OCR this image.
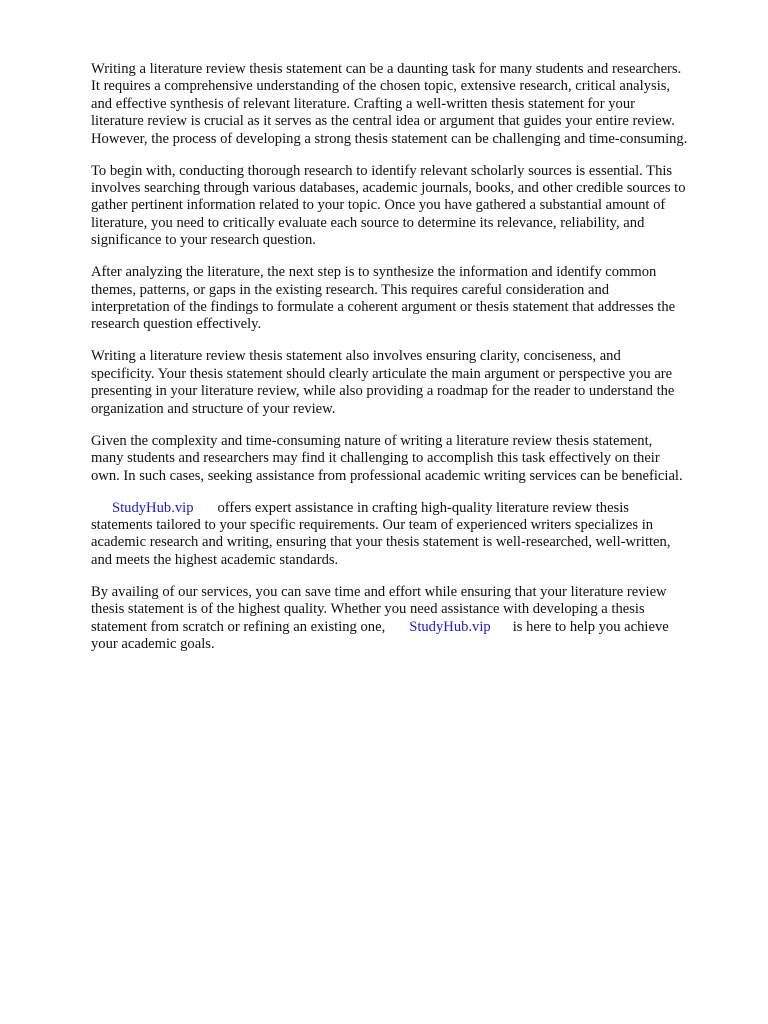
Writing a literature review thesis statement can be a daunting task for many students and researchers.
It requires a comprehensive understanding of the chosen topic, extensive research, critical analysis,
and effective synthesis of relevant literature. Crafting a well-written thesis statement for your
literature review is crucial as it serves as the central idea or argument that guides your entire review.
However, the process of developing a strong thesis statement can be challenging and time-consuming.

To begin with, conducting thorough research to identify relevant scholarly sources is essential. This
involves searching through various databases, academic journals, books, and other credible sources to
gather pertinent information related to your topic. Once you have gathered a substantial amount of
literature, you need to critically evaluate each source to determine its relevance, reliability, and
significance to your research question.

After analyzing the literature, the next step is to synthesize the information and identify common
themes, patterns, or gaps in the existing research. This requires careful consideration and
interpretation of the findings to formulate a coherent argument or thesis statement that addresses the
research question effectively.

Writing a literature review thesis statement also involves ensuring clarity, conciseness, and
specificity. Your thesis statement should clearly articulate the main argument or perspective you are
presenting in your literature review, while also providing a roadmap for the reader to understand the
organization and structure of your review.

Given the complexity and time-consuming nature of writing a literature review thesis statement,
many students and researchers may find it challenging to accomplish this task effectively on their
own. In such cases, seeking assistance from professional academic writing services can be beneficial.

StudyHub.vip offers expert assistance in crafting high-quality literature review thesis
statements tailored to your specific requirements. Our team of experienced writers specializes in
academic research and writing, ensuring that your thesis statement is well-researched, well-written,
and meets the highest academic standards.

By availing of our services, you can save time and effort while ensuring that your literature review
thesis statement is of the highest quality. Whether you need assistance with developing a thesis
statement from scratch or refining an existing one, StudyHub.vip is here to help you achieve
your academic goals.
